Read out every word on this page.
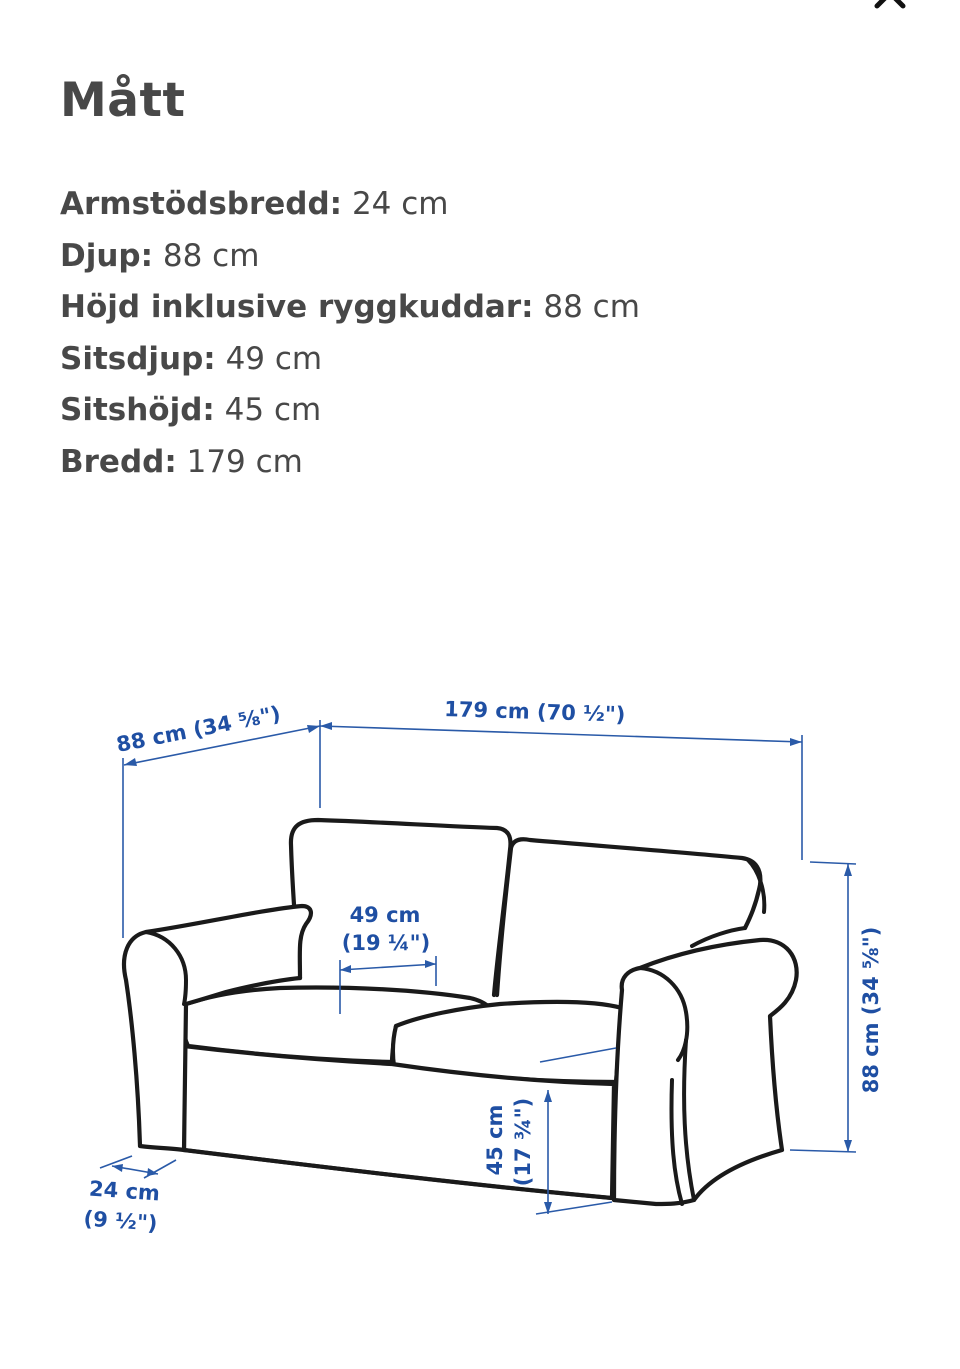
Mått
Armstödsbredd: 24 cm
Djup: 88 cm
Höjd inklusive ryggkuddar: 88 cm
Sitsdjup: 49 cm
Sitshöjd: 45 cm
Bredd: 179 cm
88 cm (34 ⅝")	179 cm (70 ½")
49 cm
(19 ¼")	88 cm (34 ⅝")
45 cm (17 ¾")
24 cm
(9 ½")
